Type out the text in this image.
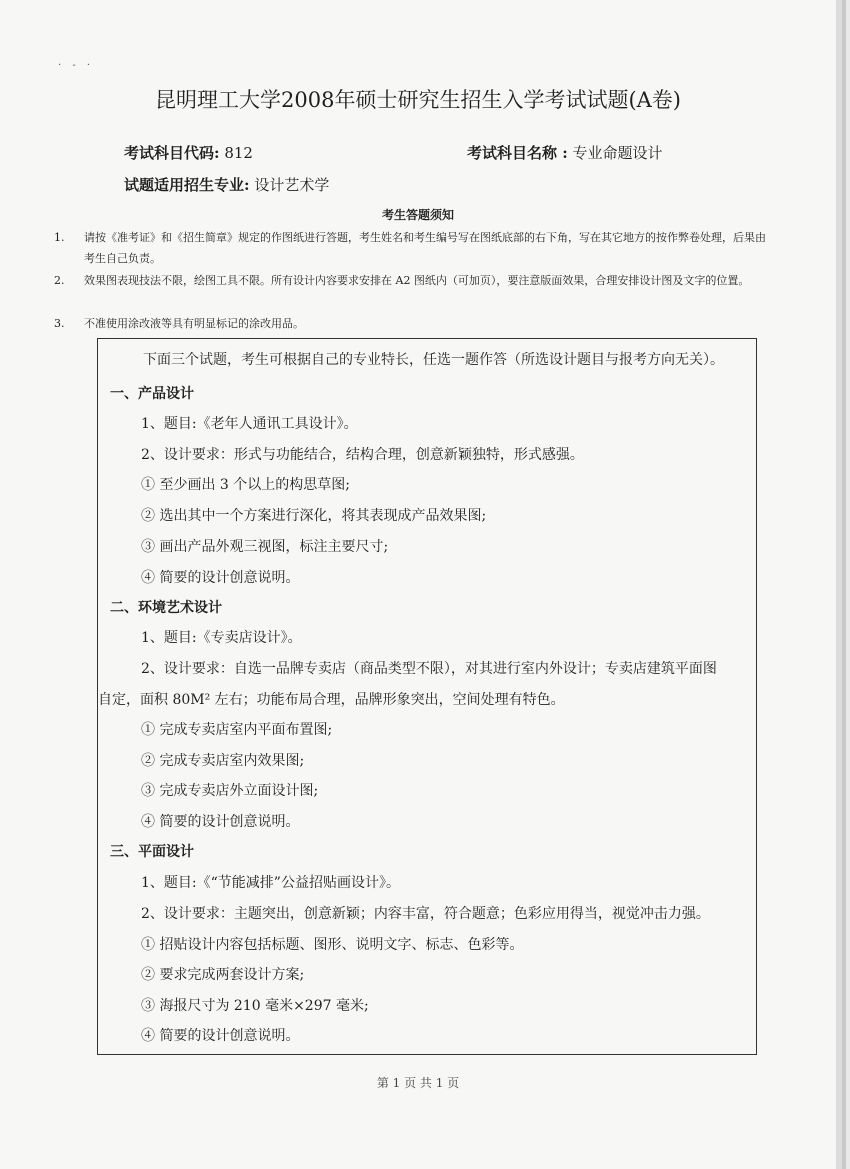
· - ·
昆明理工大学2008年硕士研究生招生入学考试试题(A卷)
考试科目代码: 812	考试科目名称 : 专业命题设计
试题适用招生专业: 设计艺术学
考生答题须知
1. 请按《准考证》和《招生简章》规定的作图纸进行答题，考生姓名和考生编号写在图纸底部的右下角，写在其它地方的按作弊卷处理，后果由考生自己负责。
2. 效果图表现技法不限，绘图工具不限。所有设计内容要求安排在 A2 图纸内（可加页），要注意版面效果，合理安排设计图及文字的位置。
3. 不准使用涂改液等具有明显标记的涂改用品。
下面三个试题，考生可根据自己的专业特长，任选一题作答（所选设计题目与报考方向无关）。
一、产品设计
1、题目:《老年人通讯工具设计》。
2、设计要求：形式与功能结合，结构合理，创意新颖独特，形式感强。
① 至少画出 3 个以上的构思草图;
② 选出其中一个方案进行深化，将其表现成产品效果图;
③ 画出产品外观三视图，标注主要尺寸;
④ 简要的设计创意说明。
二、环境艺术设计
1、题目:《专卖店设计》。
2、设计要求：自选一品牌专卖店（商品类型不限），对其进行室内外设计；专卖店建筑平面图
自定，面积 80M² 左右；功能布局合理，品牌形象突出，空间处理有特色。
① 完成专卖店室内平面布置图;
② 完成专卖店室内效果图;
③ 完成专卖店外立面设计图;
④ 简要的设计创意说明。
三、平面设计
1、题目:《“节能减排”公益招贴画设计》。
2、设计要求：主题突出，创意新颖；内容丰富，符合题意；色彩应用得当，视觉冲击力强。
① 招贴设计内容包括标题、图形、说明文字、标志、色彩等。
② 要求完成两套设计方案;
③ 海报尺寸为 210 毫米×297 毫米;
④ 简要的设计创意说明。
第 1 页 共 1 页
